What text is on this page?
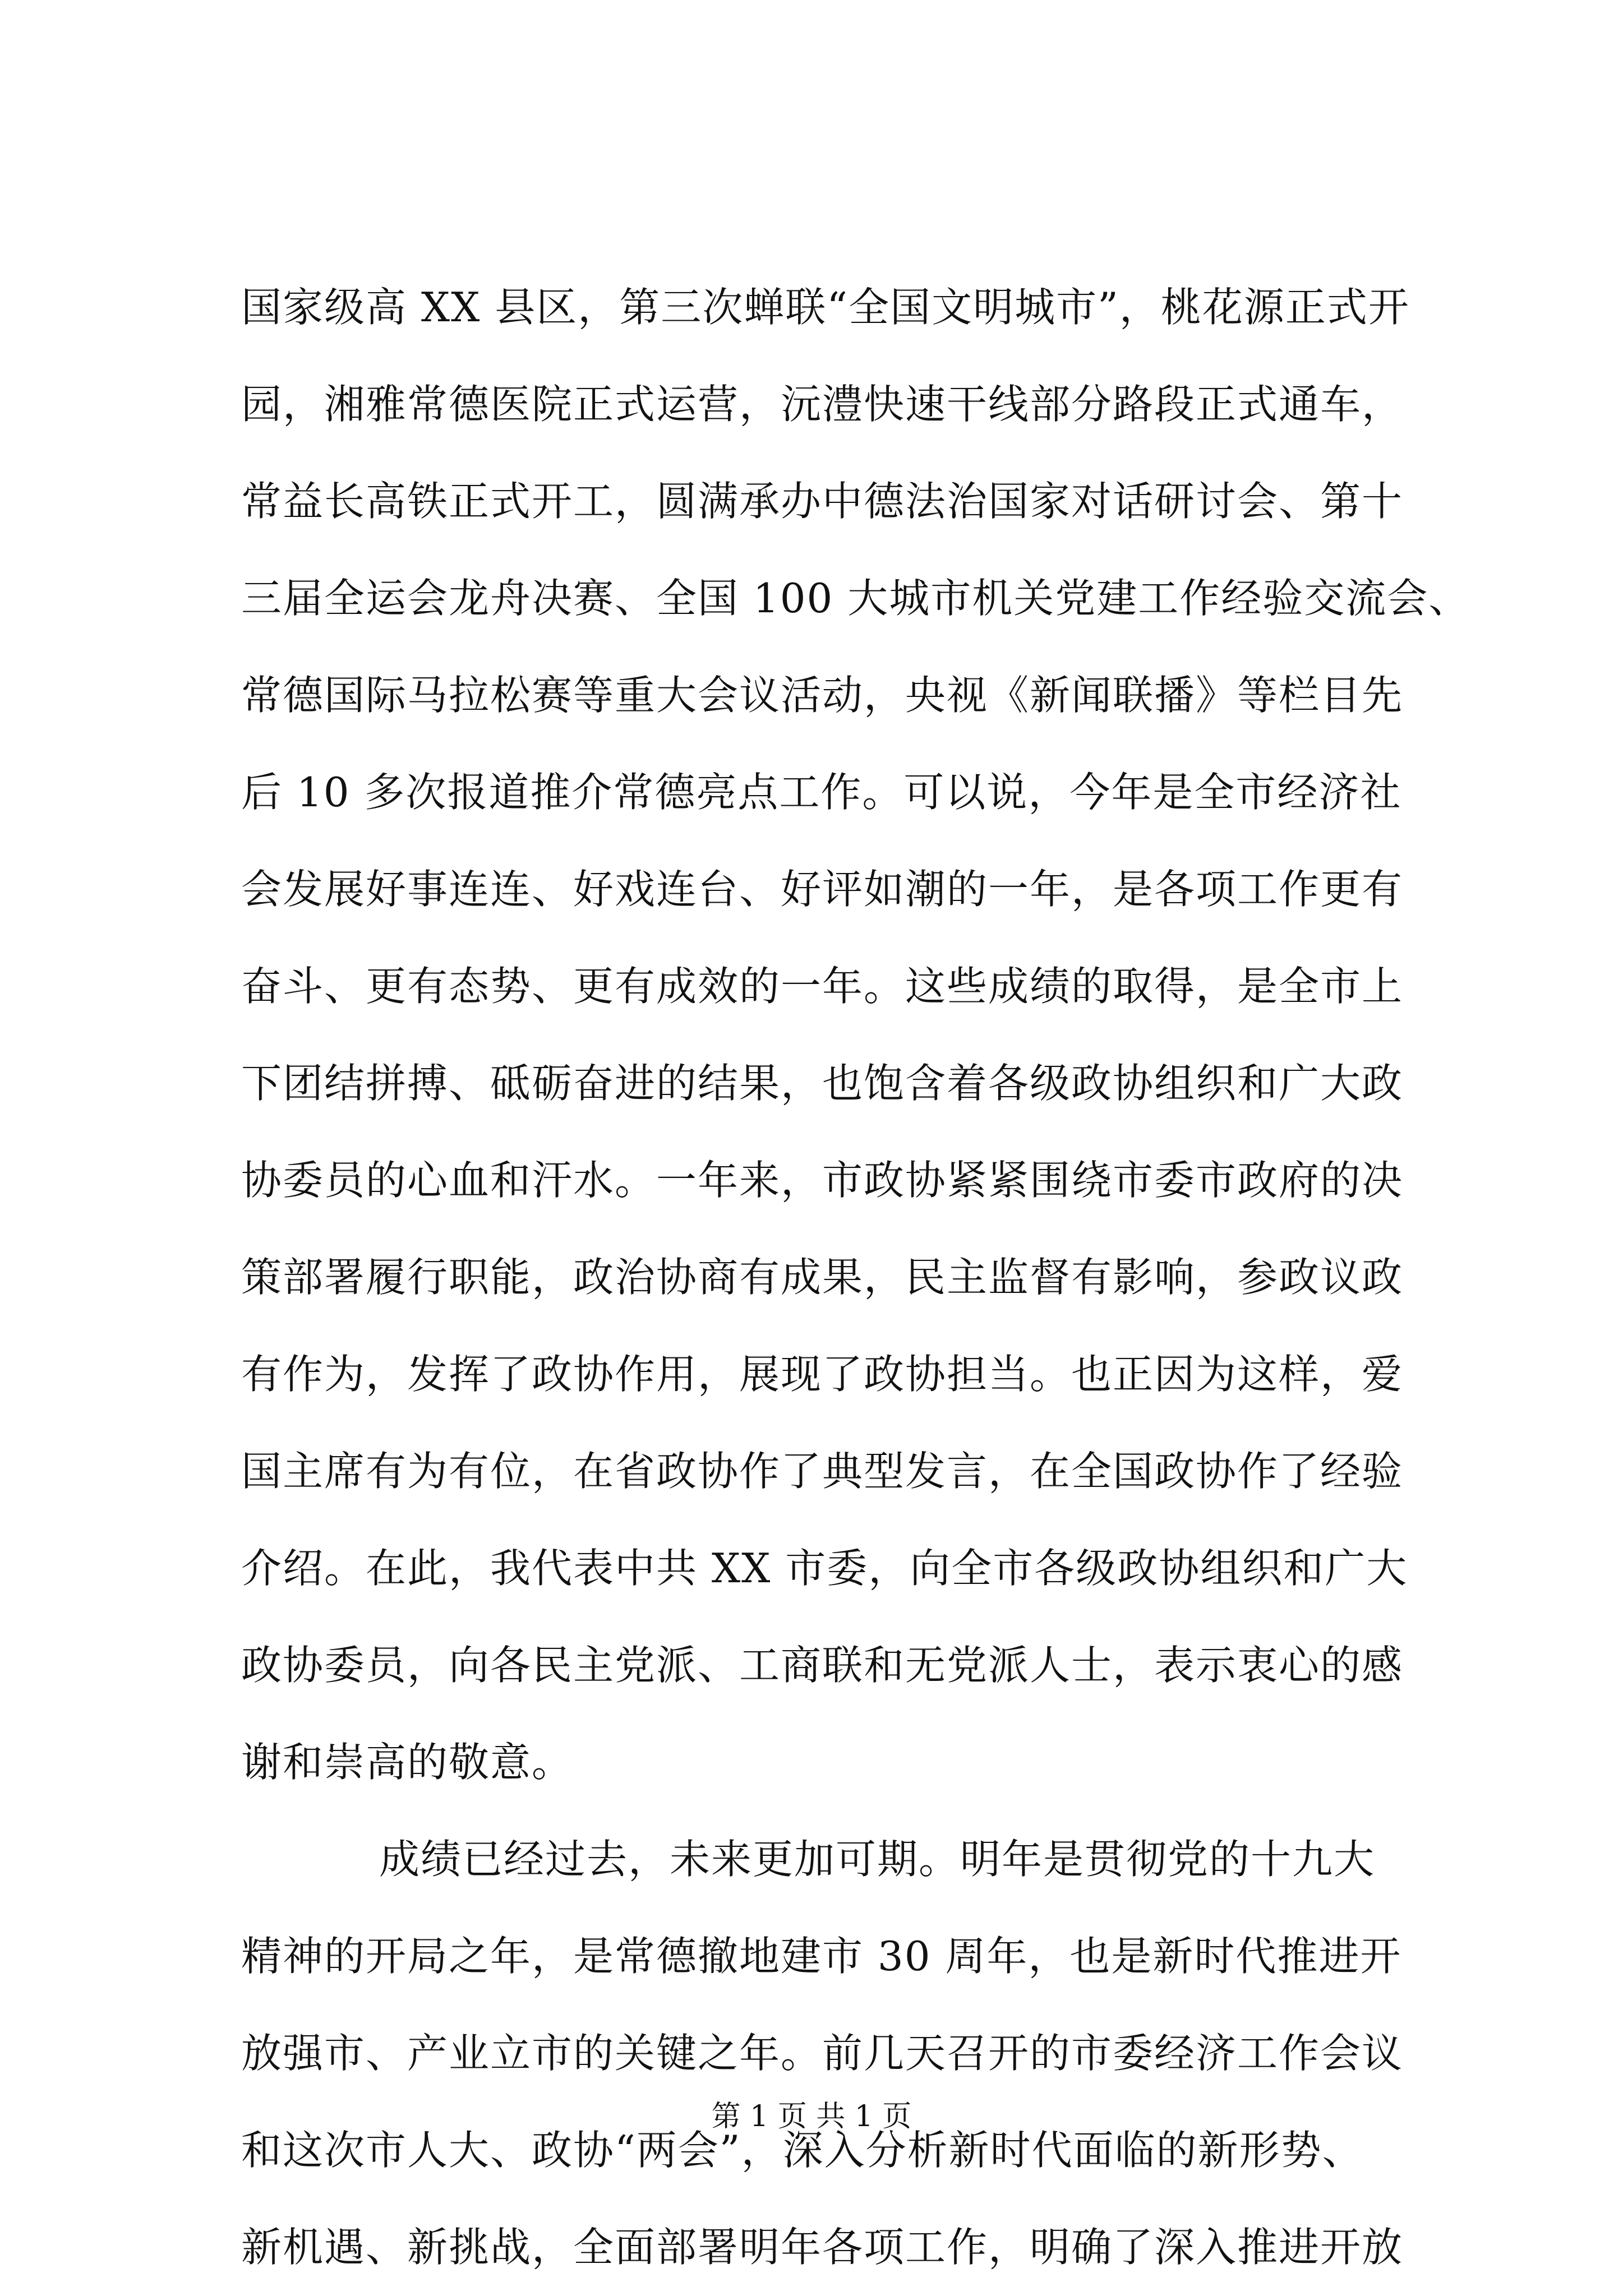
国家级高 XX 县区，第三次蝉联“全国文明城市”，桃花源正式开
园，湘雅常德医院正式运营，沅澧快速干线部分路段正式通车，
常益长高铁正式开工，圆满承办中德法治国家对话研讨会、第十
三届全运会龙舟决赛、全国 100 大城市机关党建工作经验交流会、
常德国际马拉松赛等重大会议活动，央视《新闻联播》等栏目先
后 10 多次报道推介常德亮点工作。可以说，今年是全市经济社
会发展好事连连、好戏连台、好评如潮的一年，是各项工作更有
奋斗、更有态势、更有成效的一年。这些成绩的取得，是全市上
下团结拼搏、砥砺奋进的结果，也饱含着各级政协组织和广大政
协委员的心血和汗水。一年来，市政协紧紧围绕市委市政府的决
策部署履行职能，政治协商有成果，民主监督有影响，参政议政
有作为，发挥了政协作用，展现了政协担当。也正因为这样，爱
国主席有为有位，在省政协作了典型发言，在全国政协作了经验
介绍。在此，我代表中共 XX 市委，向全市各级政协组织和广大
政协委员，向各民主党派、工商联和无党派人士，表示衷心的感
谢和崇高的敬意。
成绩已经过去，未来更加可期。明年是贯彻党的十九大
精神的开局之年，是常德撤地建市 30 周年，也是新时代推进开
放强市、产业立市的关键之年。前几天召开的市委经济工作会议
和这次市人大、政协“两会”，深入分析新时代面临的新形势、
新机遇、新挑战，全面部署明年各项工作，明确了深入推进开放
第 1 页 共 1 页
